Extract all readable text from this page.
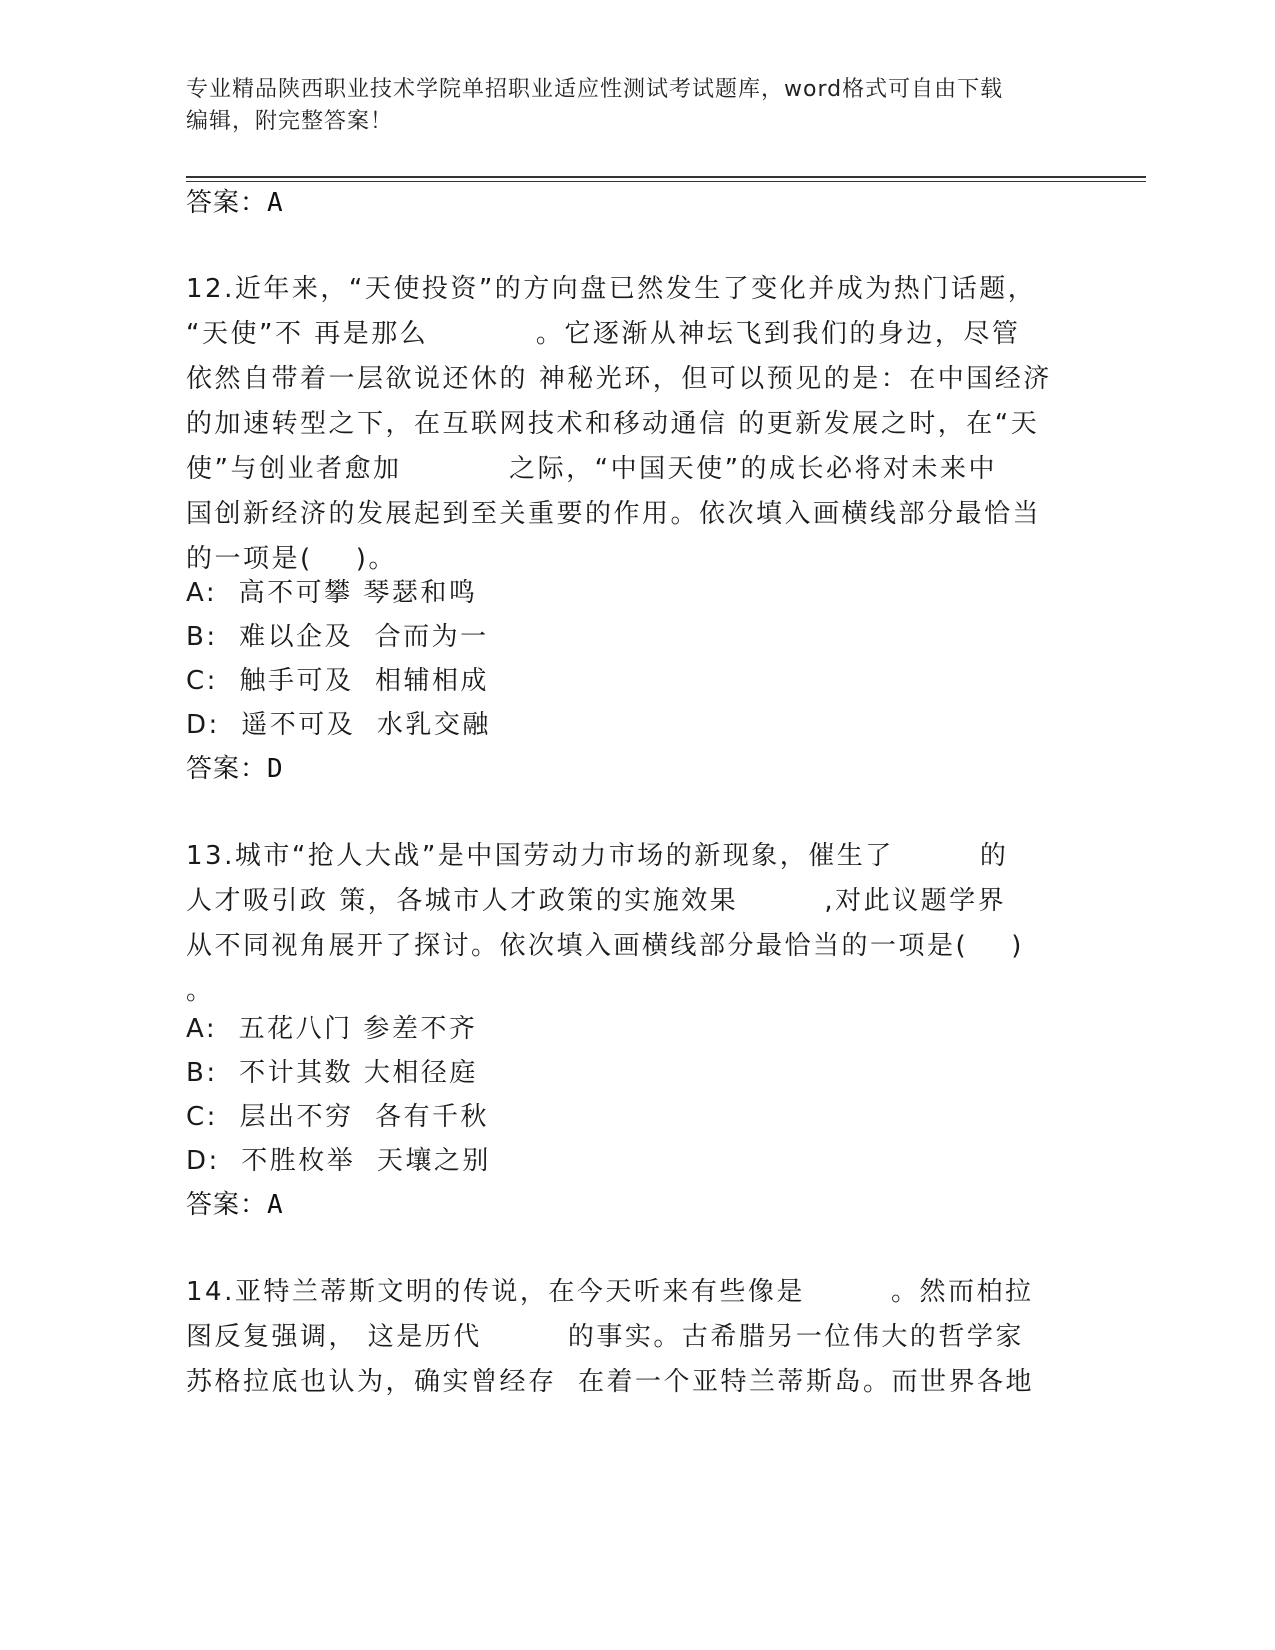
专业精品陕西职业技术学院单招职业适应性测试考试题库，word格式可自由下载
编辑，附完整答案！
答案：A
12.近年来，“天使投资”的方向盘已然发生了变化并成为热门话题，
“天使”不 再是那么          。它逐渐从神坛飞到我们的身边，尽管
依然自带着一层欲说还休的 神秘光环，但可以预见的是：在中国经济
的加速转型之下，在互联网技术和移动通信 的更新发展之时，在“天
使”与创业者愈加          之际，“中国天使”的成长必将对未来中
国创新经济的发展起到至关重要的作用。依次填入画横线部分最恰当
的一项是(    )。
A:  高不可攀 琴瑟和鸣
B:  难以企及  合而为一
C:  触手可及  相辅相成
D:  遥不可及  水乳交融
答案：D
13.城市“抢人大战”是中国劳动力市场的新现象，催生了        的
人才吸引政 策，各城市人才政策的实施效果        ,对此议题学界
从不同视角展开了探讨。依次填入画横线部分最恰当的一项是(    )
。
A:  五花八门 参差不齐
B:  不计其数 大相径庭
C:  层出不穷  各有千秋
D:  不胜枚举  天壤之别
答案：A
14.亚特兰蒂斯文明的传说，在今天听来有些像是        。然而柏拉
图反复强调， 这是历代        的事实。古希腊另一位伟大的哲学家
苏格拉底也认为，确实曾经存  在着一个亚特兰蒂斯岛。而世界各地
